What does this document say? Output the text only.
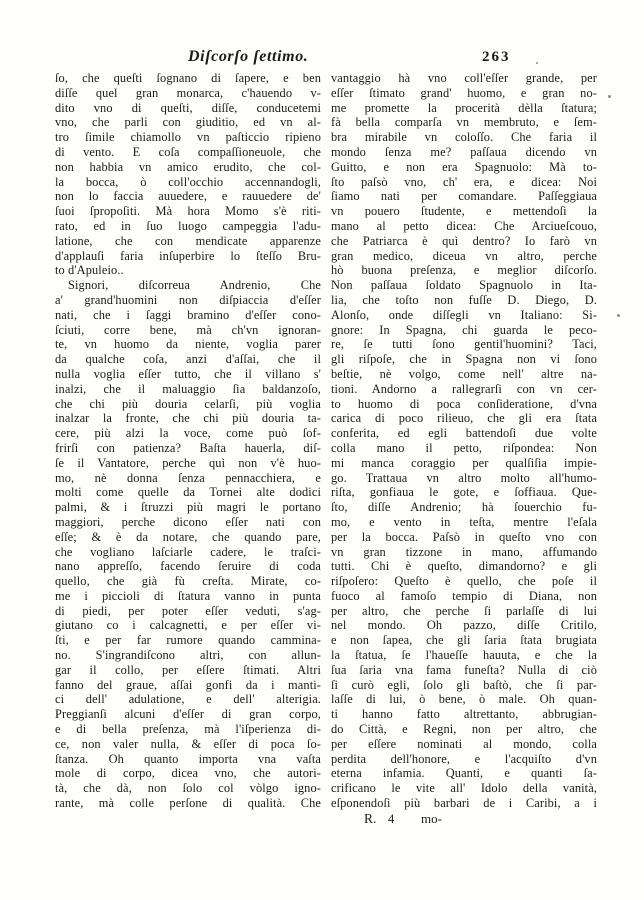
Diſcorſo ſettimo.	263
ſo, che queſti ſognano di ſapere, e ben
diſſe quel gran monarca, c'hauendo v-
dito vno di queſti, diſſe, conducetemi
vno, che parli con giuditio, ed vn al-
tro ſimile chiamollo vn paſticcio ripieno
di vento. E coſa compaſſioneuole, che
non habbia vn amico erudito, che col-
la bocca, ò coll'occhio accennandogli,
non lo faccia auuedere, e rauuedere de'
ſuoi ſpropoſiti. Mà hora Momo s'è riti-
rato, ed in ſuo luogo campeggia l'adu-
latione, che con mendicate apparenze
d'applauſi faria inſuperbire lo ſteſſo Bru-
to d'Apuleio..
Signori, diſcorreua Andrenio, Che
a' grand'huomini non diſpiaccia d'eſſer
nati, che i ſaggi bramino d'eſſer cono-
ſciuti, corre bene, mà ch'vn ignoran-
te, vn huomo da niente, voglia parer
da qualche coſa, anzi d'aſſai, che il
nulla voglia eſſer tutto, che il villano s'
inalzi, che il maluaggio ſia baldanzoſo,
che chi più douria celarſi, più voglia
inalzar la fronte, che chi più douria ta-
cere, più alzi la voce, come può ſof-
frirſi con patienza? Baſta hauerla, diſ-
ſe il Vantatore, perche quì non v'è huo-
mo, nè donna ſenza pennacchiera, e
molti come quelle da Tornei alte dodici
palmi, & i ſtruzzi più magri le portano
maggiori, perche dicono eſſer nati con
eſſe; & è da notare, che quando pare,
che vogliano laſciarle cadere, le traſci-
nano appreſſo, facendo ſeruire di coda
quello, che già fù creſta. Mirate, co-
me i piccioli di ſtatura vanno in punta
di piedi, per poter eſſer veduti, s'ag-
giutano co i calcagnetti, e per eſſer vi-
ſti, e per far rumore quando cammina-
no. S'ingrandiſcono altri, con allun-
gar il collo, per eſſere ſtimati. Altri
fanno del graue, aſſai gonfi da i manti-
ci dell' adulatione, e dell' alterigia.
Preggianſi alcuni d'eſſer di gran corpo,
e di bella preſenza, mà l'iſperienza di-
ce, non valer nulla, & eſſer di poca ſo-
ſtanza. Oh quanto importa vna vaſta
mole di corpo, dicea vno, che autori-
tà, che dà, non ſolo col vòlgo igno-
rante, mà colle perſone di qualità. Che
vantaggio hà vno coll'eſſer grande, per
eſſer ſtimato grand' huomo, e gran no-
me promette la procerità dèlla ſtatura;
fà bella comparſa vn membruto, e ſem-
bra mirabile vn coloſſo. Che faria il
mondo ſenza me? paſſaua dicendo vn
Guitto, e non era Spagnuolo: Mà to-
ſto paſsò vno, ch' era, e dicea: Noi
ſiamo nati per comandare. Paſſeggiaua
vn pouero ſtudente, e mettendoſi la
mano al petto dicea: Che Arciueſcouo,
che Patriarca è quì dentro? Io farò vn
gran medico, diceua vn altro, perche
hò buona preſenza, e meglior diſcorſo.
Non paſſaua ſoldato Spagnuolo in Ita-
lia, che toſto non fuſſe D. Diego, D.
Alonſo, onde diſſegli vn Italiano: Si-
gnore: In Spagna, chi guarda le peco-
re, ſe tutti ſono gentil'huomini? Taci,
gli riſpoſe, che in Spagna non vi ſono
beſtie, nè volgo, come nell' altre na-
tioni. Andorno a rallegrarſi con vn cer-
to huomo di poca conſideratione, d'vna
carica di poco rilieuo, che gli era ſtata
conferita, ed egli battendoſi due volte
colla mano il petto, riſpondea: Non
mi manca coraggio per qualſiſia impie-
go. Trattaua vn altro molto all'humo-
riſta, gonfiaua le gote, e ſoffiaua. Que-
ſto, diſſe Andrenio; hà ſouerchio fu-
mo, e vento in teſta, mentre l'eſala
per la bocca. Paſsò in queſto vno con
vn gran tizzone in mano, affumando
tutti. Chi è queſto, dimandorno? e gli
riſpoſero: Queſto è quello, che poſe il
fuoco al famoſo tempio di Diana, non
per altro, che perche ſi parlaſſe di lui
nel mondo. Oh pazzo, diſſe Critilo,
e non ſapea, che gli ſaria ſtata brugiata
la ſtatua, ſe l'haueſſe hauuta, e che la
ſua ſaria vna fama funeſta? Nulla di ciò
ſi curò egli, ſolo gli baſtò, che ſi par-
laſſe di lui, ò bene, ò male. Oh quan-
ti hanno fatto altrettanto, abbrugian-
do Città, e Regni, non per altro, che
per eſſere nominati al mondo, colla
perdita dell'honore, e l'acquiſto d'vn
eterna infamia. Quanti, e quanti ſa-
crificano le vite all' Idolo della vanità,
eſponendoſi più barbari de i Caribi, a i
R. 4 mo-
